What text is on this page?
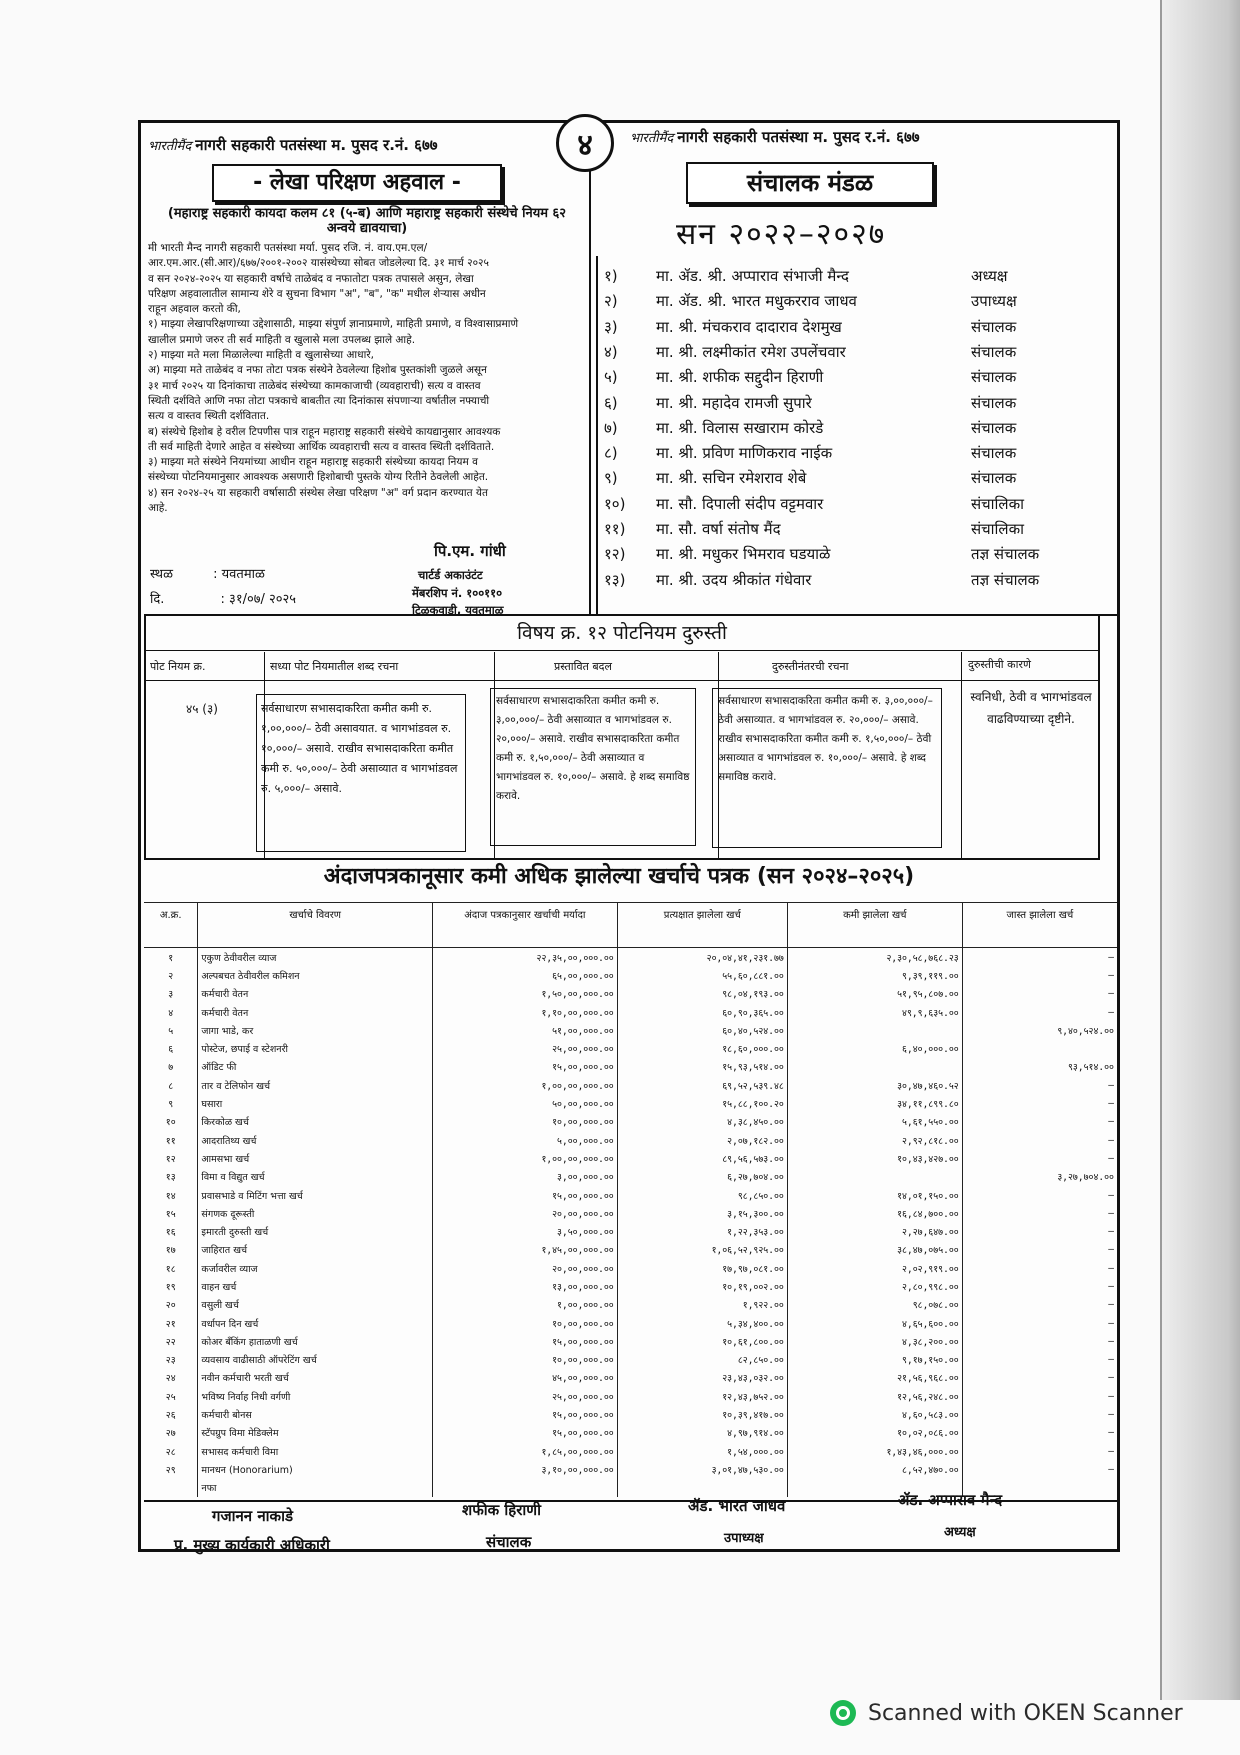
४
भारतीमैंद नागरी सहकारी पतसंस्था म. पुसद र.नं. ६७७
- लेखा परिक्षण अहवाल -
(महाराष्ट्र सहकारी कायदा कलम ८१ (५-ब) आणि महाराष्ट्र सहकारी संस्थेचे नियम ६२ अन्वये द्यावयाचा)
मी भारती मैन्द नागरी सहकारी पतसंस्था मर्या. पुसद रजि. नं. वाय.एम.एल/
आर.एम.आर.(सी.आर)/६७७/२००१-२००२ यासंस्थेच्या सोबत जोडलेल्या दि. ३१ मार्च २०२५
व सन २०२४-२०२५ या सहकारी वर्षाचे ताळेबंद व नफातोटा पत्रक तपासले असुन, लेखा
परिक्षण अहवालातील सामान्य शेरे व सुचना विभाग "अ", "ब", "क" मधील शेऱ्यास अधीन
राहून अहवाल करतो की,
१) माझ्या लेखापरिक्षणाच्या उद्देशासाठी, माझ्या संपुर्ण ज्ञानाप्रमाणे, माहिती प्रमाणे, व विश्वासाप्रमाणे
खालील प्रमाणे जरुर ती सर्व माहिती व खुलासे मला उपलब्ध झाले आहे.
२) माझ्या मते मला मिळालेल्या माहिती व खुलासेच्या आधारे,
अ) माझ्या मते ताळेबंद व नफा तोटा पत्रक संस्थेने ठेवलेल्या हिशोब पुस्तकांशी जुळले असून
३१ मार्च २०२५ या दिनांकाचा ताळेबंद संस्थेच्या कामकाजाची (व्यवहाराची) सत्य व वास्तव
स्थिती दर्शविते आणि नफा तोटा पत्रकाचे बाबतीत त्या दिनांकास संपणाऱ्या वर्षातील नफ्याची
सत्य व वास्तव स्थिती दर्शवितात.
ब) संस्थेचे हिशोब हे वरील टिपणीस पात्र राहून महाराष्ट्र सहकारी संस्थेचे कायद्यानुसार आवश्यक
ती सर्व माहिती देणारे आहेत व संस्थेच्या आर्थिक व्यवहाराची सत्य व वास्तव स्थिती दर्शविताते.
३) माझ्या मते संस्थेने नियमांच्या आधीन राहून महाराष्ट्र सहकारी संस्थेच्या कायदा नियम व
संस्थेच्या पोटनियमानुसार आवश्यक असणारी हिशोबाची पुस्तके योग्य रितीने ठेवलेली आहेत.
४) सन २०२४-२५ या सहकारी वर्षासाठी संस्थेस लेखा परिक्षण "अ" वर्ग प्रदान करण्यात येत
आहे.
स्थळ	: यवतमाळ
दि.	: ३१/०७/ २०२५
पि.एम. गांधी
चार्टर्ड अकाउंटंट
मेंबरशिप नं. १००११०
टिळकवाडी, यवतमाळ
भारतीमैंद नागरी सहकारी पतसंस्था म. पुसद र.नं. ६७७
संचालक मंडळ
सन २०२२–२०२७
१)	मा. ॲड. श्री. अप्पाराव संभाजी मैन्द	अध्यक्ष
२)	मा. ॲड. श्री. भारत मधुकरराव जाधव	उपाध्यक्ष
३)	मा. श्री. मंचकराव दादाराव देशमुख	संचालक
४)	मा. श्री. लक्ष्मीकांत रमेश उपलेंचवार	संचालक
५)	मा. श्री. शफीक सद्दुदीन हिराणी	संचालक
६)	मा. श्री. महादेव रामजी सुपारे	संचालक
७)	मा. श्री. विलास सखाराम कोरडे	संचालक
८)	मा. श्री. प्रविण माणिकराव नाईक	संचालक
९)	मा. श्री. सचिन रमेशराव शेबे	संचालक
१०)	मा. सौ. दिपाली संदीप वट्टमवार	संचालिका
११)	मा. सौ. वर्षा संतोष मैंद	संचालिका
१२)	मा. श्री. मधुकर भिमराव घडयाळे	तज्ञ संचालक
१३)	मा. श्री. उदय श्रीकांत गंधेवार	तज्ञ संचालक
विषय क्र. १२ पोटनियम दुरुस्ती
पोट नियम क्र.	सध्या पोट नियमातील शब्द रचना	प्रस्तावित बदल	दुरुस्तीनंतरची रचना	दुरुस्तीची कारणे
४५ (३)	सर्वसाधारण सभासदाकरिता कमीत कमी रु. १,००,०००/– ठेवी असावयात. व भागभांडवल रु. १०,०००/– असावे. राखीव सभासदाकरिता कमीत कमी रु. ५०,०००/– ठेवी असाव्यात व भागभांडवल रु. ५,०००/– असावे.
सर्वसाधारण सभासदाकरिता कमीत कमी रु. ३,००,०००/– ठेवी असाव्यात व भागभांडवल रु. २०,०००/– असावे. राखीव सभासदाकरिता कमीत कमी रु. १,५०,०००/– ठेवी असाव्यात व भागभांडवल रु. १०,०००/– असावे. हे शब्द समाविष्ठ करावे.
सर्वसाधारण सभासदाकरिता कमीत कमी रु. ३,००,०००/– ठेवी असाव्यात. व भागभांडवल रु. २०,०००/– असावे. राखीव सभासदाकरिता कमीत कमी रु. १,५०,०००/– ठेवी असाव्यात व भागभांडवल रु. १०,०००/– असावे. हे शब्द समाविष्ठ करावे.
स्वनिधी, ठेवी व भागभांडवल वाढविण्याच्या दृष्टीने.
अंदाजपत्रकानूसार कमी अधिक झालेल्या खर्चाचे पत्रक (सन २०२४–२०२५)
अ.क्र.	खर्चाचे विवरण	अंदाज पत्रकानुसार खर्चाची मर्यादा	प्रत्यक्षात झालेला खर्च	कमी झालेला खर्च	जास्त झालेला खर्च
१	एकुण ठेवीवरील व्याज	२२,३५,००,०००.००	२०,०४,४१,२३१.७७	२,३०,५८,७६८.२३	–
२	अल्पबचत ठेवीवरील कमिशन	६५,००,०००.००	५५,६०,८८१.००	९,३९,११९.००	–
३	कर्मचारी वेतन	१,५०,००,०००.००	९८,०४,१९३.००	५१,९५,८०७.००	–
४	कर्मचारी वेतन	१,१०,००,०००.००	६०,९०,३६५.००	४९,९,६३५.००	–
५	जागा भाडे, कर	५१,००,०००.००	६०,४०,५२४.००		९,४०,५२४.००
६	पोस्टेज, छपाई व स्टेशनरी	२५,००,०००.००	१८,६०,०००.००	६,४०,०००.००	
७	ऑडिट फी	१५,००,०००.००	१५,९३,५१४.००		९३,५१४.००
८	तार व टेलिफोन खर्च	१,००,००,०००.००	६९,५२,५३९.४८	३०,४७,४६०.५२	–
९	घसारा	५०,००,०००.००	१५,८८,१००.२०	३४,११,८९९.८०	–
१०	किरकोळ खर्च	१०,००,०००.००	४,३८,४५०.००	५,६१,५५०.००	–
११	आदरातिथ्य खर्च	५,००,०००.००	२,०७,१८२.००	२,९२,८१८.००	–
१२	आमसभा खर्च	१,००,००,०००.००	८९,५६,५७३.००	१०,४३,४२७.००	–
१३	विमा व विद्युत खर्च	३,००,०००.००	६,२७,७०४.००		३,२७,७०४.००
१४	प्रवासभाडे व मिटिंग भत्ता खर्च	१५,००,०००.००	९८,८५०.००	१४,०१,१५०.००	–
१५	संगणक दूरूस्ती	२०,००,०००.००	३,१५,३००.००	१६,८४,७००.००	–
१६	इमारती दुरुस्ती खर्च	३,५०,०००.००	१,२२,३५३.००	२,२७,६४७.००	–
१७	जाहिरात खर्च	१,४५,००,०००.००	१,०६,५२,९२५.००	३८,४७,०७५.००	–
१८	कर्जावरील व्याज	२०,००,०००.००	१७,९७,०८१.००	२,०२,९१९.००	–
१९	वाहन खर्च	१३,००,०००.००	१०,१९,००२.००	२,८०,९९८.००	–
२०	वसुली खर्च	१,००,०००.००	१,९२२.००	९८,०७८.००	–
२१	वर्धापन दिन खर्च	१०,००,०००.००	५,३४,४००.००	४,६५,६००.००	–
२२	कोअर बँकिंग हाताळणी खर्च	१५,००,०००.००	१०,६१,८००.००	४,३८,२००.००	–
२३	व्यवसाय वाढीसाठी ऑपरेटिंग खर्च	१०,००,०००.००	८२,८५०.००	९,१७,१५०.००	–
२४	नवीन कर्मचारी भरती खर्च	४५,००,०००.००	२३,४३,०३२.००	२१,५६,९६८.००	–
२५	भविष्य निर्वाह निधी वर्गणी	२५,००,०००.००	१२,४३,७५२.००	१२,५६,२४८.००	–
२६	कर्मचारी बोनस	१५,००,०००.००	१०,३९,४१७.००	४,६०,५८३.००	–
२७	स्टॅपग्रुप विमा मेडिक्लेम	१५,००,०००.००	४,९७,९१४.००	१०,०२,०८६.००	–
२८	सभासद कर्मचारी विमा	१,८५,००,०००.००	१,५४,०००.००	१,४३,४६,०००.००	–
२९	मानधन (Honorarium)	३,१०,००,०००.००	३,०१,४७,५३०.००	८,५२,४७०.००	–
	नफा				
गजानन नाकाडे
प्र. मुख्य कार्यकारी अधिकारी
शफीक हिराणी
संचालक
ॲड. भारत जाधव
उपाध्यक्ष
ॲड. अप्पाराव मैन्द
अध्यक्ष
Scanned with OKEN Scanner
